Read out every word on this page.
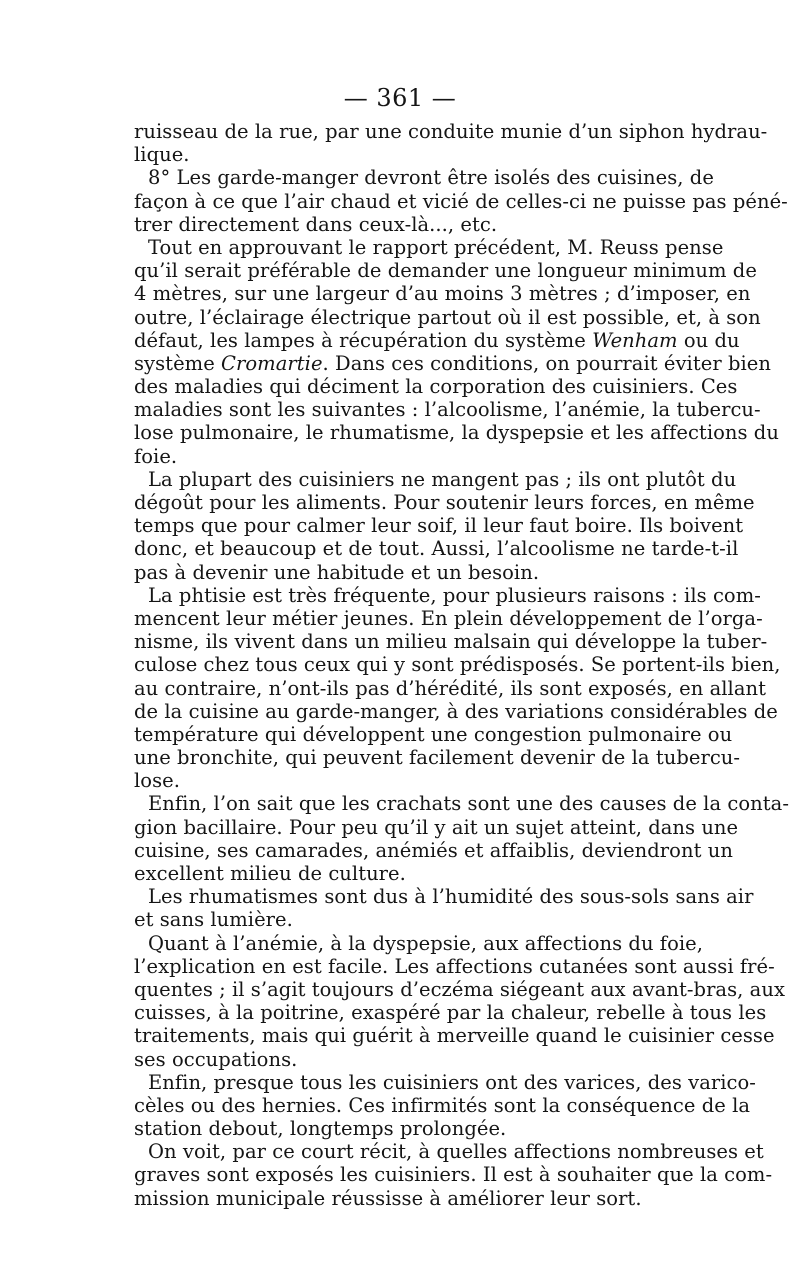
— 361 —
ruisseau de la rue, par une conduite munie d’un siphon hydrau-
lique.
8° Les garde-manger devront être isolés des cuisines, de
façon à ce que l’air chaud et vicié de celles-ci ne puisse pas péné-
trer directement dans ceux-là..., etc.
Tout en approuvant le rapport précédent, M. Reuss pense
qu’il serait préférable de demander une longueur minimum de
4 mètres, sur une largeur d’au moins 3 mètres ; d’imposer, en
outre, l’éclairage électrique partout où il est possible, et, à son
défaut, les lampes à récupération du système Wenham ou du
système Cromartie. Dans ces conditions, on pourrait éviter bien
des maladies qui déciment la corporation des cuisiniers. Ces
maladies sont les suivantes : l’alcoolisme, l’anémie, la tubercu-
lose pulmonaire, le rhumatisme, la dyspepsie et les affections du
foie.
La plupart des cuisiniers ne mangent pas ; ils ont plutôt du
dégoût pour les aliments. Pour soutenir leurs forces, en même
temps que pour calmer leur soif, il leur faut boire. Ils boivent
donc, et beaucoup et de tout. Aussi, l’alcoolisme ne tarde-t-il
pas à devenir une habitude et un besoin.
La phtisie est très fréquente, pour plusieurs raisons : ils com-
mencent leur métier jeunes. En plein développement de l’orga-
nisme, ils vivent dans un milieu malsain qui développe la tuber-
culose chez tous ceux qui y sont prédisposés. Se portent-ils bien,
au contraire, n’ont-ils pas d’hérédité, ils sont exposés, en allant
de la cuisine au garde-manger, à des variations considérables de
température qui développent une congestion pulmonaire ou
une bronchite, qui peuvent facilement devenir de la tubercu-
lose.
Enfin, l’on sait que les crachats sont une des causes de la conta-
gion bacillaire. Pour peu qu’il y ait un sujet atteint, dans une
cuisine, ses camarades, anémiés et affaiblis, deviendront un
excellent milieu de culture.
Les rhumatismes sont dus à l’humidité des sous-sols sans air
et sans lumière.
Quant à l’anémie, à la dyspepsie, aux affections du foie,
l’explication en est facile. Les affections cutanées sont aussi fré-
quentes ; il s’agit toujours d’eczéma siégeant aux avant-bras, aux
cuisses, à la poitrine, exaspéré par la chaleur, rebelle à tous les
traitements, mais qui guérit à merveille quand le cuisinier cesse
ses occupations.
Enfin, presque tous les cuisiniers ont des varices, des varico-
cèles ou des hernies. Ces infirmités sont la conséquence de la
station debout, longtemps prolongée.
On voit, par ce court récit, à quelles affections nombreuses et
graves sont exposés les cuisiniers. Il est à souhaiter que la com-
mission municipale réussisse à améliorer leur sort.
